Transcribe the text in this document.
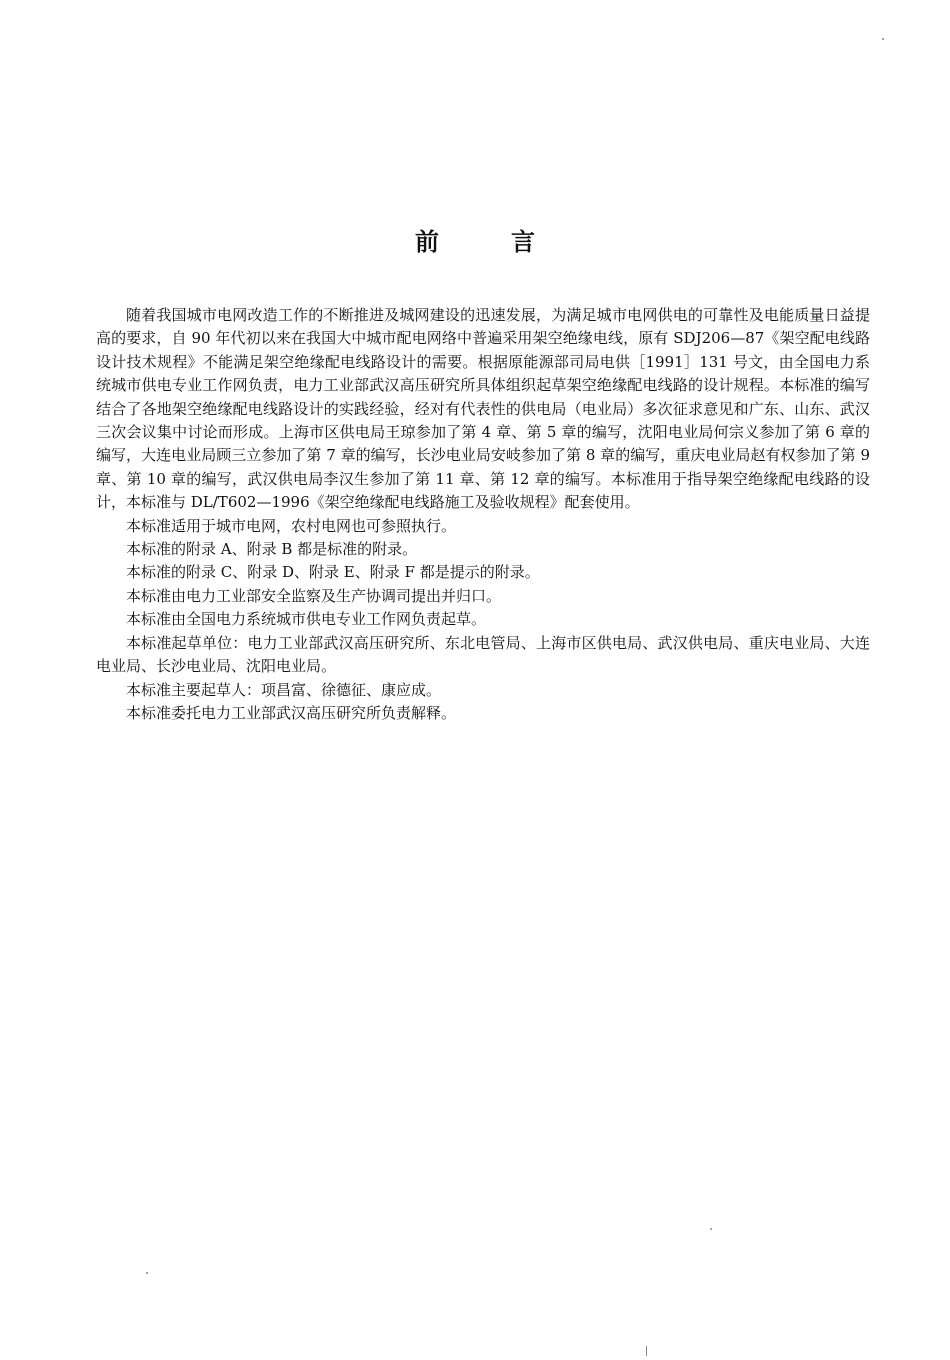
前	言

随着我国城市电网改造工作的不断推进及城网建设的迅速发展，为满足城市电网供电的可靠性及电能质量日益提高的要求，自 90 年代初以来在我国大中城市配电网络中普遍采用架空绝缘电线，原有 SDJ206—87《架空配电线路设计技术规程》不能满足架空绝缘配电线路设计的需要。根据原能源部司局电供［1991］131 号文，由全国电力系统城市供电专业工作网负责，电力工业部武汉高压研究所具体组织起草架空绝缘配电线路的设计规程。本标准的编写结合了各地架空绝缘配电线路设计的实践经验，经对有代表性的供电局（电业局）多次征求意见和广东、山东、武汉三次会议集中讨论而形成。上海市区供电局王琼参加了第 4 章、第 5 章的编写，沈阳电业局何宗义参加了第 6 章的编写，大连电业局顾三立参加了第 7 章的编写，长沙电业局安岐参加了第 8 章的编写，重庆电业局赵有权参加了第 9 章、第 10 章的编写，武汉供电局李汉生参加了第 11 章、第 12 章的编写。本标准用于指导架空绝缘配电线路的设计，本标准与 DL/T602—1996《架空绝缘配电线路施工及验收规程》配套使用。

本标准适用于城市电网，农村电网也可参照执行。

本标准的附录 A、附录 B 都是标准的附录。

本标准的附录 C、附录 D、附录 E、附录 F 都是提示的附录。

本标准由电力工业部安全监察及生产协调司提出并归口。

本标准由全国电力系统城市供电专业工作网负责起草。

本标准起草单位：电力工业部武汉高压研究所、东北电管局、上海市区供电局、武汉供电局、重庆电业局、大连电业局、长沙电业局、沈阳电业局。

本标准主要起草人：项昌富、徐德征、康应成。

本标准委托电力工业部武汉高压研究所负责解释。
